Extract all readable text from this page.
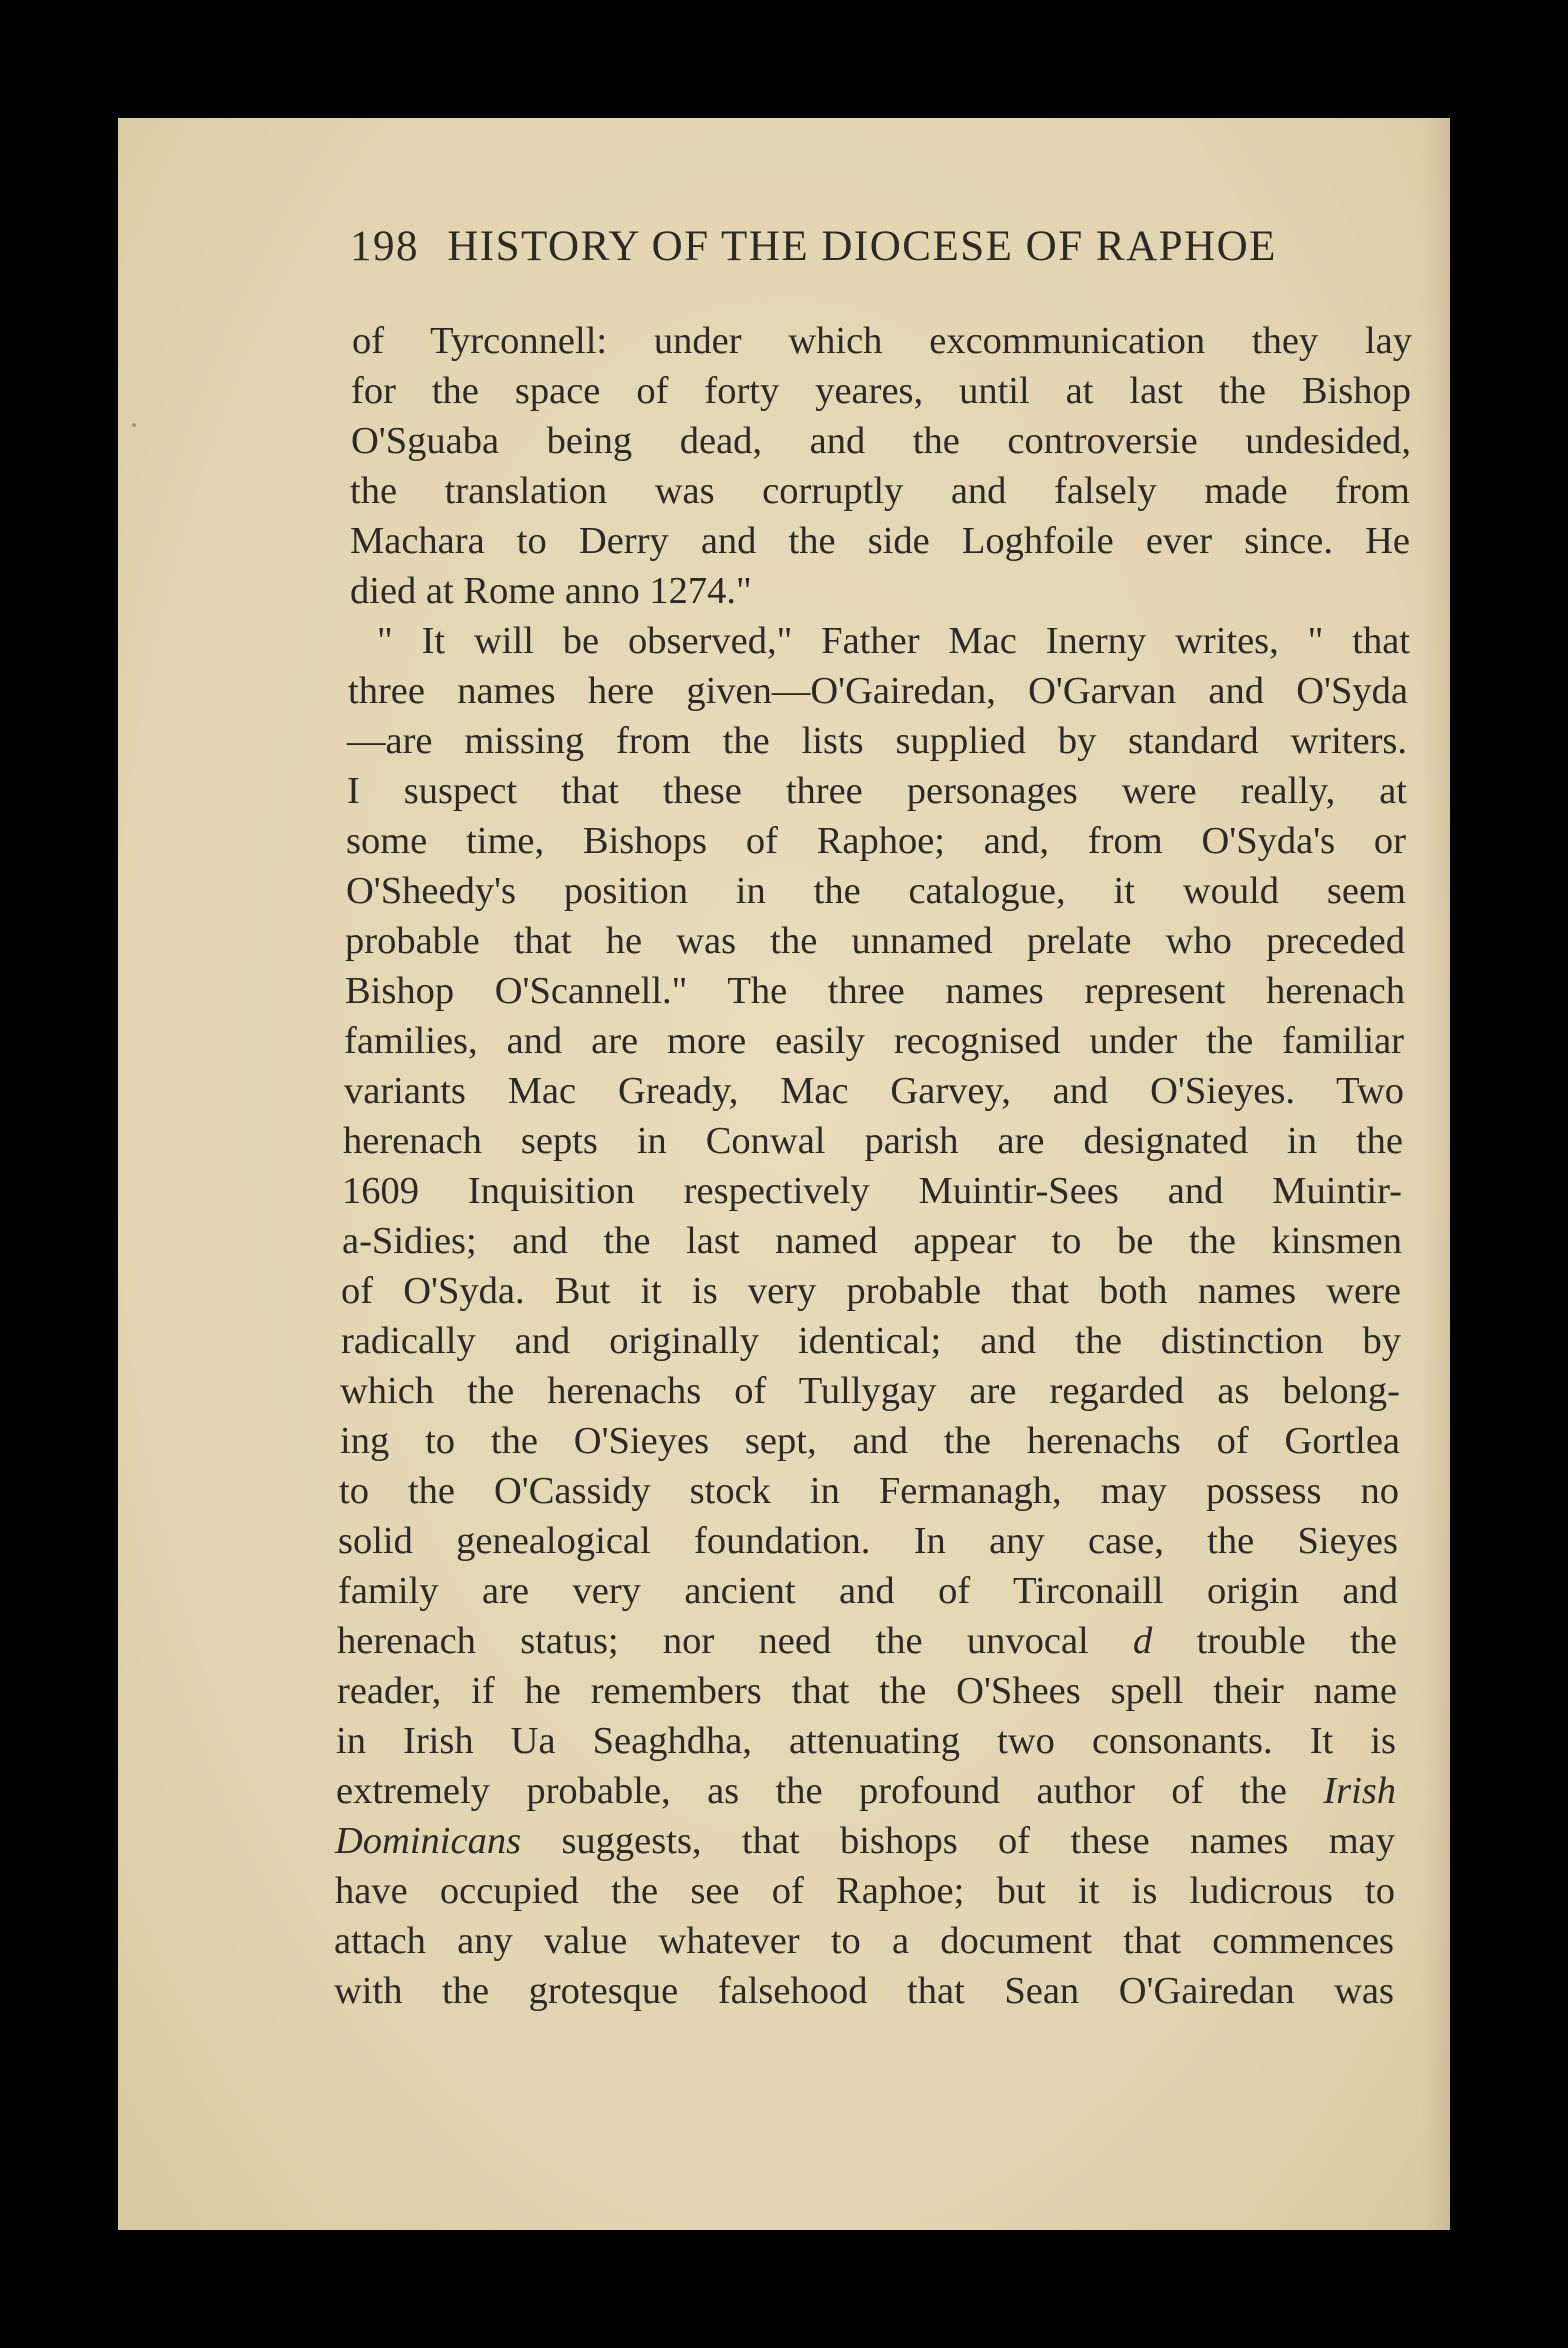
198 HISTORY OF THE DIOCESE OF RAPHOE
of Tyrconnell: under which excommunication they lay
for the space of forty yeares, until at last the Bishop
O'Sguaba being dead, and the controversie undesided,
the translation was corruptly and falsely made from
Machara to Derry and the side Loghfoile ever since. He
died at Rome anno 1274."
" It will be observed," Father Mac Inerny writes, " that
three names here given—O'Gairedan, O'Garvan and O'Syda
—are missing from the lists supplied by standard writers.
I suspect that these three personages were really, at
some time, Bishops of Raphoe; and, from O'Syda's or
O'Sheedy's position in the catalogue, it would seem
probable that he was the unnamed prelate who preceded
Bishop O'Scannell." The three names represent herenach
families, and are more easily recognised under the familiar
variants Mac Gready, Mac Garvey, and O'Sieyes. Two
herenach septs in Conwal parish are designated in the
1609 Inquisition respectively Muintir-Sees and Muintir-
a-Sidies; and the last named appear to be the kinsmen
of O'Syda. But it is very probable that both names were
radically and originally identical; and the distinction by
which the herenachs of Tullygay are regarded as belong-
ing to the O'Sieyes sept, and the herenachs of Gortlea
to the O'Cassidy stock in Fermanagh, may possess no
solid genealogical foundation. In any case, the Sieyes
family are very ancient and of Tirconaill origin and
herenach status; nor need the unvocal d trouble the
reader, if he remembers that the O'Shees spell their name
in Irish Ua Seaghdha, attenuating two consonants. It is
extremely probable, as the profound author of the Irish
Dominicans suggests, that bishops of these names may
have occupied the see of Raphoe; but it is ludicrous to
attach any value whatever to a document that commences
with the grotesque falsehood that Sean O'Gairedan was
